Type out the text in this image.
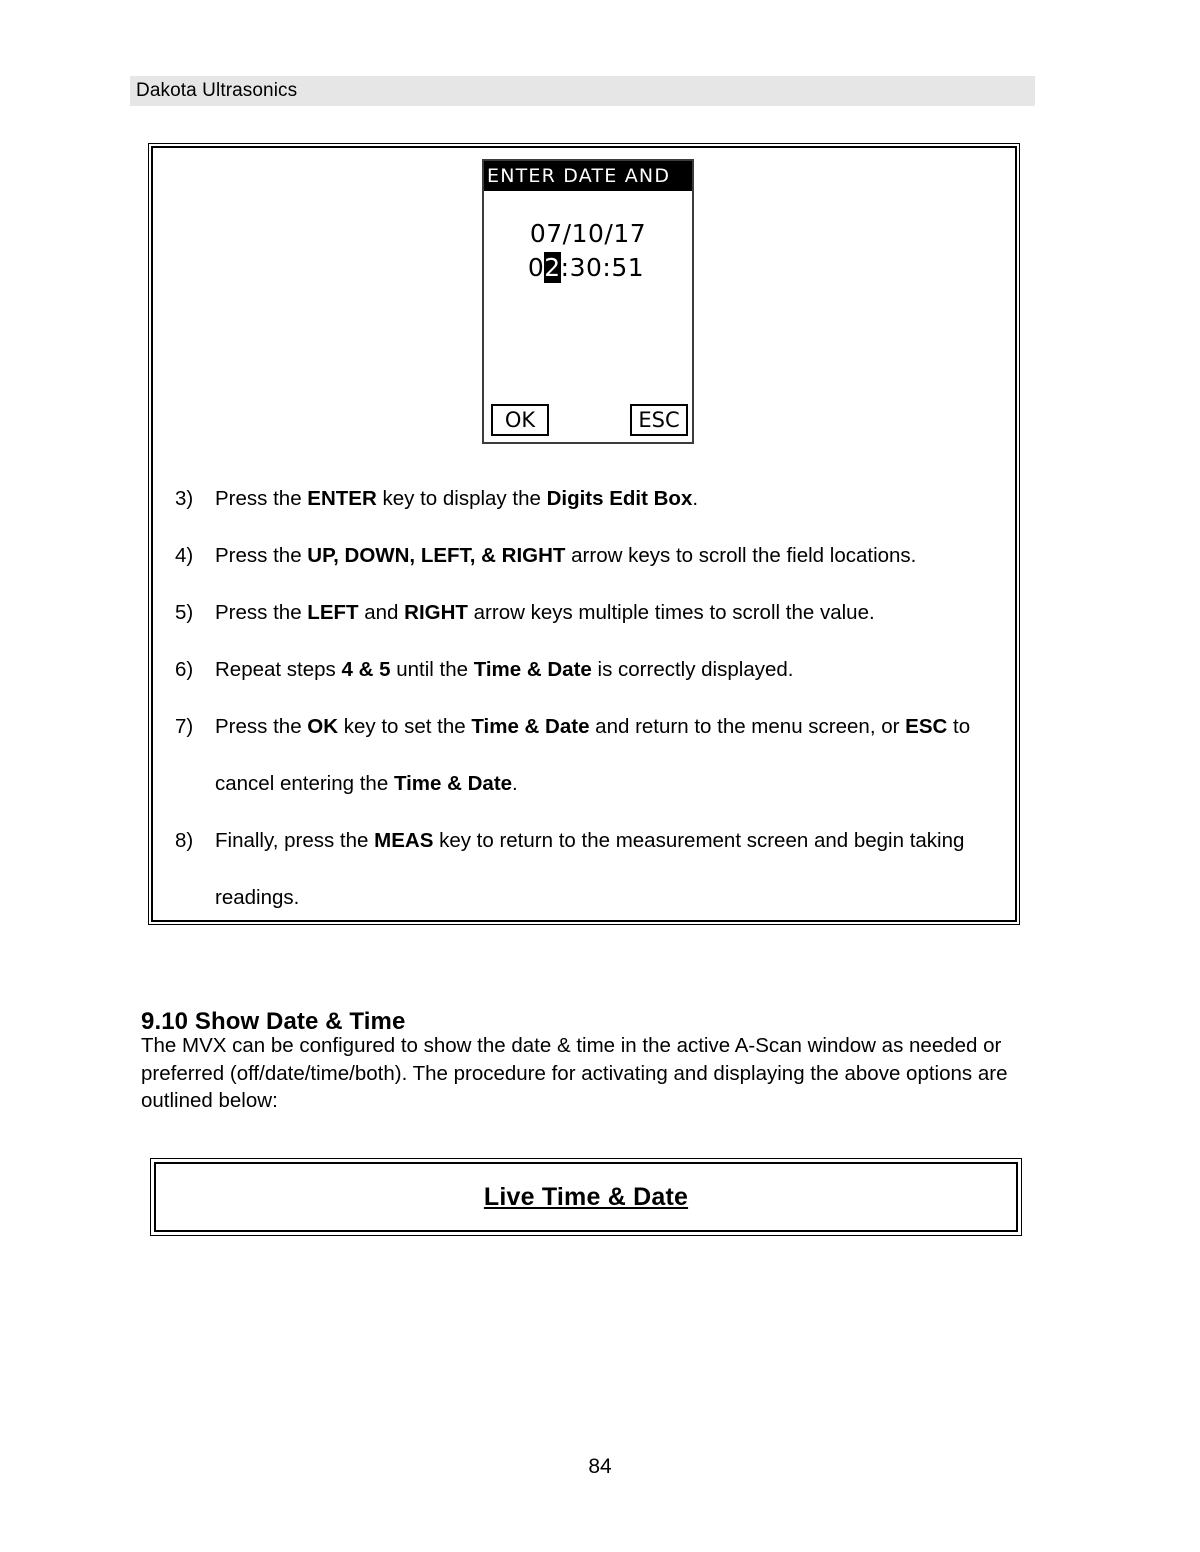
Dakota Ultrasonics
ENTER DATE AND
07/10/17
02:30:51
OK	ESC
3)	Press the ENTER key to display the Digits Edit Box.
4)	Press the UP, DOWN, LEFT, & RIGHT arrow keys to scroll the field locations.
5)	Press the LEFT and RIGHT arrow keys multiple times to scroll the value.
6)	Repeat steps 4 & 5 until the Time & Date is correctly displayed.
7)	Press the OK key to set the Time & Date and return to the menu screen, or ESC to cancel entering the Time & Date.
8)	Finally, press the MEAS key to return to the measurement screen and begin taking readings.
9.10 Show Date & Time

The MVX can be configured to show the date & time in the active A-Scan window as needed or preferred (off/date/time/both). The procedure for activating and displaying the above options are outlined below:

Live Time & Date
84
